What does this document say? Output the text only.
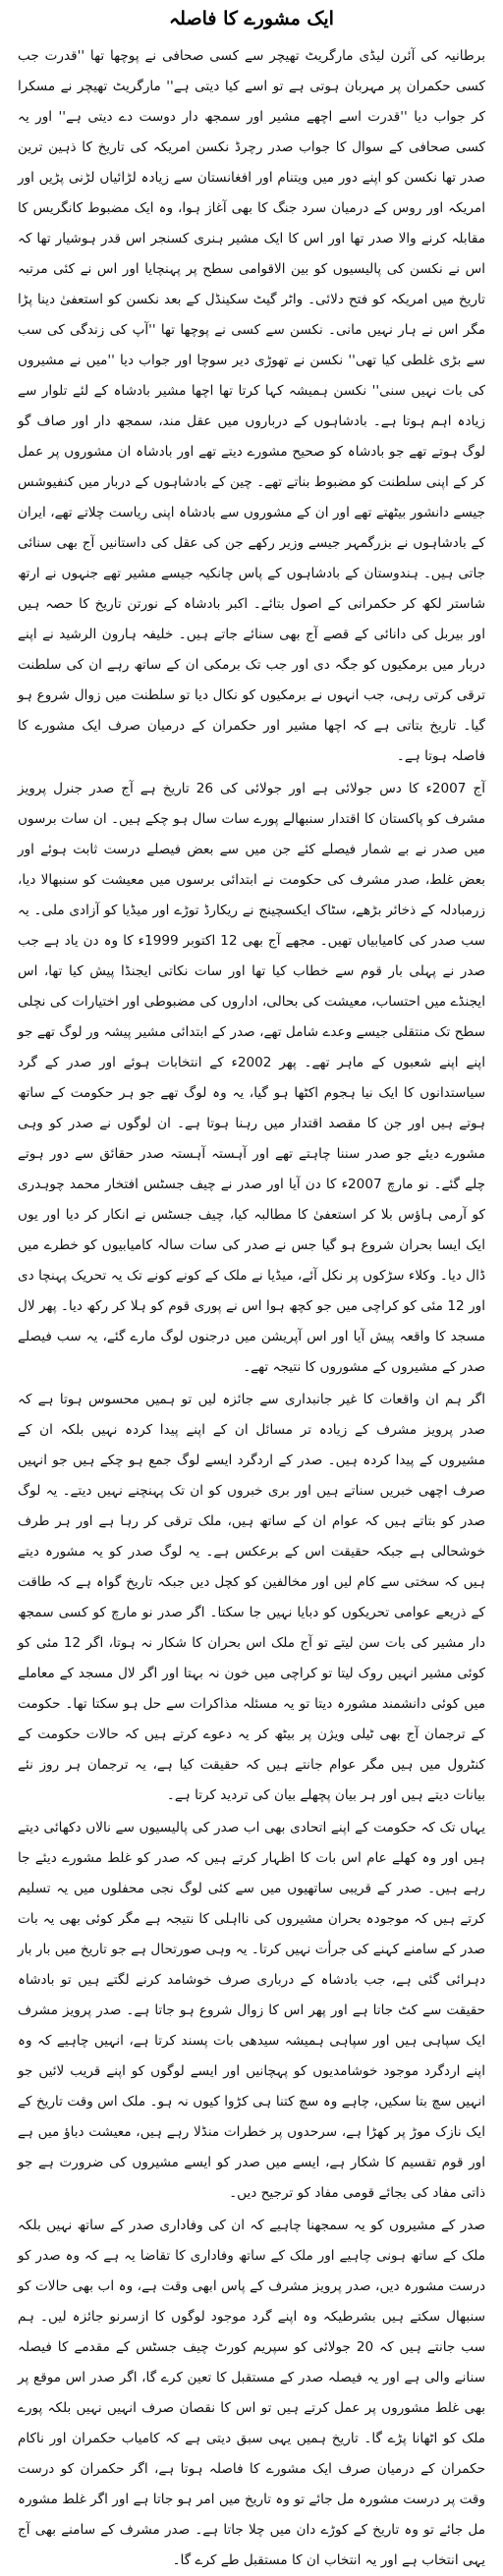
ایک مشورے کا فاصلہ

برطانیہ کی آئرن لیڈی مارگریٹ تھیچر سے کسی صحافی نے پوچھا تھا ''قدرت جب کسی حکمران پر مہربان ہوتی ہے تو اسے کیا دیتی ہے'' مارگریٹ تھیچر نے مسکرا کر جواب دیا ''قدرت اسے اچھے مشیر اور سمجھ دار دوست دے دیتی ہے'' اور یہ کسی صحافی کے سوال کا جواب صدر رچرڈ نکسن امریکہ کی تاریخ کا ذہین ترین صدر تھا نکسن کو اپنے دور میں ویتنام اور افغانستان سے زیادہ لڑائیاں لڑنی پڑیں اور امریکہ اور روس کے درمیان سرد جنگ کا بھی آغاز ہوا، وہ ایک مضبوط کانگریس کا مقابلہ کرنے والا صدر تھا اور اس کا ایک مشیر ہنری کسنجر اس قدر ہوشیار تھا کہ اس نے نکسن کی پالیسیوں کو بین الاقوامی سطح پر پہنچایا اور اس نے کئی مرتبہ تاریخ میں امریکہ کو فتح دلائی۔ واٹر گیٹ سکینڈل کے بعد نکسن کو استعفیٰ دینا پڑا مگر اس نے ہار نہیں مانی۔ نکسن سے کسی نے پوچھا تھا ''آپ کی زندگی کی سب سے بڑی غلطی کیا تھی'' نکسن نے تھوڑی دیر سوچا اور جواب دیا ''میں نے مشیروں کی بات نہیں سنی'' نکسن ہمیشہ کہا کرتا تھا اچھا مشیر بادشاہ کے لئے تلوار سے زیادہ اہم ہوتا ہے۔ بادشاہوں کے درباروں میں عقل مند، سمجھ دار اور صاف گو لوگ ہوتے تھے جو بادشاہ کو صحیح مشورے دیتے تھے اور بادشاہ ان مشوروں پر عمل کر کے اپنی سلطنت کو مضبوط بناتے تھے۔ چین کے بادشاہوں کے دربار میں کنفیوشس جیسے دانشور بیٹھتے تھے اور ان کے مشوروں سے بادشاہ اپنی ریاست چلاتے تھے، ایران کے بادشاہوں نے بزرگمہر جیسے وزیر رکھے جن کی عقل کی داستانیں آج بھی سنائی جاتی ہیں۔ ہندوستان کے بادشاہوں کے پاس چانکیہ جیسے مشیر تھے جنہوں نے ارتھ شاستر لکھ کر حکمرانی کے اصول بتائے۔ اکبر بادشاہ کے نورتن تاریخ کا حصہ ہیں اور بیربل کی دانائی کے قصے آج بھی سنائے جاتے ہیں۔ خلیفہ ہارون الرشید نے اپنے دربار میں برمکیوں کو جگہ دی اور جب تک برمکی ان کے ساتھ رہے ان کی سلطنت ترقی کرتی رہی، جب انہوں نے برمکیوں کو نکال دیا تو سلطنت میں زوال شروع ہو گیا۔ تاریخ بتاتی ہے کہ اچھا مشیر اور حکمران کے درمیان صرف ایک مشورے کا فاصلہ ہوتا ہے۔

آج 2007ء کا دس جولائی ہے اور جولائی کی 26 تاریخ ہے آج صدر جنرل پرویز مشرف کو پاکستان کا اقتدار سنبھالے پورے سات سال ہو چکے ہیں۔ ان سات برسوں میں صدر نے بے شمار فیصلے کئے جن میں سے بعض فیصلے درست ثابت ہوئے اور بعض غلط، صدر مشرف کی حکومت نے ابتدائی برسوں میں معیشت کو سنبھالا دیا، زرمبادلہ کے ذخائر بڑھے، سٹاک ایکسچینج نے ریکارڈ توڑے اور میڈیا کو آزادی ملی۔ یہ سب صدر کی کامیابیاں تھیں۔ مجھے آج بھی 12 اکتوبر 1999ء کا وہ دن یاد ہے جب صدر نے پہلی بار قوم سے خطاب کیا تھا اور سات نکاتی ایجنڈا پیش کیا تھا، اس ایجنڈے میں احتساب، معیشت کی بحالی، اداروں کی مضبوطی اور اختیارات کی نچلی سطح تک منتقلی جیسے وعدے شامل تھے، صدر کے ابتدائی مشیر پیشہ ور لوگ تھے جو اپنے اپنے شعبوں کے ماہر تھے۔ پھر 2002ء کے انتخابات ہوئے اور صدر کے گرد سیاستدانوں کا ایک نیا ہجوم اکٹھا ہو گیا، یہ وہ لوگ تھے جو ہر حکومت کے ساتھ ہوتے ہیں اور جن کا مقصد اقتدار میں رہنا ہوتا ہے۔ ان لوگوں نے صدر کو وہی مشورے دیئے جو صدر سننا چاہتے تھے اور آہستہ آہستہ صدر حقائق سے دور ہوتے چلے گئے۔ نو مارچ 2007ء کا دن آیا اور صدر نے چیف جسٹس افتخار محمد چوہدری کو آرمی ہاؤس بلا کر استعفیٰ کا مطالبہ کیا، چیف جسٹس نے انکار کر دیا اور یوں ایک ایسا بحران شروع ہو گیا جس نے صدر کی سات سالہ کامیابیوں کو خطرے میں ڈال دیا۔ وکلاء سڑکوں پر نکل آئے، میڈیا نے ملک کے کونے کونے تک یہ تحریک پہنچا دی اور 12 مئی کو کراچی میں جو کچھ ہوا اس نے پوری قوم کو ہلا کر رکھ دیا۔ پھر لال مسجد کا واقعہ پیش آیا اور اس آپریشن میں درجنوں لوگ مارے گئے، یہ سب فیصلے صدر کے مشیروں کے مشوروں کا نتیجہ تھے۔

اگر ہم ان واقعات کا غیر جانبداری سے جائزہ لیں تو ہمیں محسوس ہوتا ہے کہ صدر پرویز مشرف کے زیادہ تر مسائل ان کے اپنے پیدا کردہ نہیں بلکہ ان کے مشیروں کے پیدا کردہ ہیں۔ صدر کے اردگرد ایسے لوگ جمع ہو چکے ہیں جو انہیں صرف اچھی خبریں سناتے ہیں اور بری خبروں کو ان تک پہنچنے نہیں دیتے۔ یہ لوگ صدر کو بتاتے ہیں کہ عوام ان کے ساتھ ہیں، ملک ترقی کر رہا ہے اور ہر طرف خوشحالی ہے جبکہ حقیقت اس کے برعکس ہے۔ یہ لوگ صدر کو یہ مشورہ دیتے ہیں کہ سختی سے کام لیں اور مخالفین کو کچل دیں جبکہ تاریخ گواہ ہے کہ طاقت کے ذریعے عوامی تحریکوں کو دبایا نہیں جا سکتا۔ اگر صدر نو مارچ کو کسی سمجھ دار مشیر کی بات سن لیتے تو آج ملک اس بحران کا شکار نہ ہوتا، اگر 12 مئی کو کوئی مشیر انہیں روک لیتا تو کراچی میں خون نہ بہتا اور اگر لال مسجد کے معاملے میں کوئی دانشمند مشورہ دیتا تو یہ مسئلہ مذاکرات سے حل ہو سکتا تھا۔ حکومت کے ترجمان آج بھی ٹیلی ویژن پر بیٹھ کر یہ دعوے کرتے ہیں کہ حالات حکومت کے کنٹرول میں ہیں مگر عوام جانتے ہیں کہ حقیقت کیا ہے، یہ ترجمان ہر روز نئے بیانات دیتے ہیں اور ہر بیان پچھلے بیان کی تردید کرتا ہے۔

یہاں تک کہ حکومت کے اپنے اتحادی بھی اب صدر کی پالیسیوں سے نالاں دکھائی دیتے ہیں اور وہ کھلے عام اس بات کا اظہار کرتے ہیں کہ صدر کو غلط مشورے دیئے جا رہے ہیں۔ صدر کے قریبی ساتھیوں میں سے کئی لوگ نجی محفلوں میں یہ تسلیم کرتے ہیں کہ موجودہ بحران مشیروں کی نااہلی کا نتیجہ ہے مگر کوئی بھی یہ بات صدر کے سامنے کہنے کی جرأت نہیں کرتا۔ یہ وہی صورتحال ہے جو تاریخ میں بار بار دہرائی گئی ہے، جب بادشاہ کے درباری صرف خوشامد کرنے لگتے ہیں تو بادشاہ حقیقت سے کٹ جاتا ہے اور پھر اس کا زوال شروع ہو جاتا ہے۔ صدر پرویز مشرف ایک سپاہی ہیں اور سپاہی ہمیشہ سیدھی بات پسند کرتا ہے، انہیں چاہیے کہ وہ اپنے اردگرد موجود خوشامدیوں کو پہچانیں اور ایسے لوگوں کو اپنے قریب لائیں جو انہیں سچ بتا سکیں، چاہے وہ سچ کتنا ہی کڑوا کیوں نہ ہو۔ ملک اس وقت تاریخ کے ایک نازک موڑ پر کھڑا ہے، سرحدوں پر خطرات منڈلا رہے ہیں، معیشت دباؤ میں ہے اور قوم تقسیم کا شکار ہے، ایسے میں صدر کو ایسے مشیروں کی ضرورت ہے جو ذاتی مفاد کی بجائے قومی مفاد کو ترجیح دیں۔

صدر کے مشیروں کو یہ سمجھنا چاہیے کہ ان کی وفاداری صدر کے ساتھ نہیں بلکہ ملک کے ساتھ ہونی چاہیے اور ملک کے ساتھ وفاداری کا تقاضا یہ ہے کہ وہ صدر کو درست مشورہ دیں، صدر پرویز مشرف کے پاس ابھی وقت ہے، وہ اب بھی حالات کو سنبھال سکتے ہیں بشرطیکہ وہ اپنے گرد موجود لوگوں کا ازسرنو جائزہ لیں۔ ہم سب جانتے ہیں کہ 20 جولائی کو سپریم کورٹ چیف جسٹس کے مقدمے کا فیصلہ سنانے والی ہے اور یہ فیصلہ صدر کے مستقبل کا تعین کرے گا، اگر صدر اس موقع پر بھی غلط مشوروں پر عمل کرتے ہیں تو اس کا نقصان صرف انہیں نہیں بلکہ پورے ملک کو اٹھانا پڑے گا۔ تاریخ ہمیں یہی سبق دیتی ہے کہ کامیاب حکمران اور ناکام حکمران کے درمیان صرف ایک مشورے کا فاصلہ ہوتا ہے، اگر حکمران کو درست وقت پر درست مشورہ مل جائے تو وہ تاریخ میں امر ہو جاتا ہے اور اگر غلط مشورہ مل جائے تو وہ تاریخ کے کوڑے دان میں چلا جاتا ہے۔ صدر مشرف کے سامنے بھی آج یہی انتخاب ہے اور یہ انتخاب ان کا مستقبل طے کرے گا۔
